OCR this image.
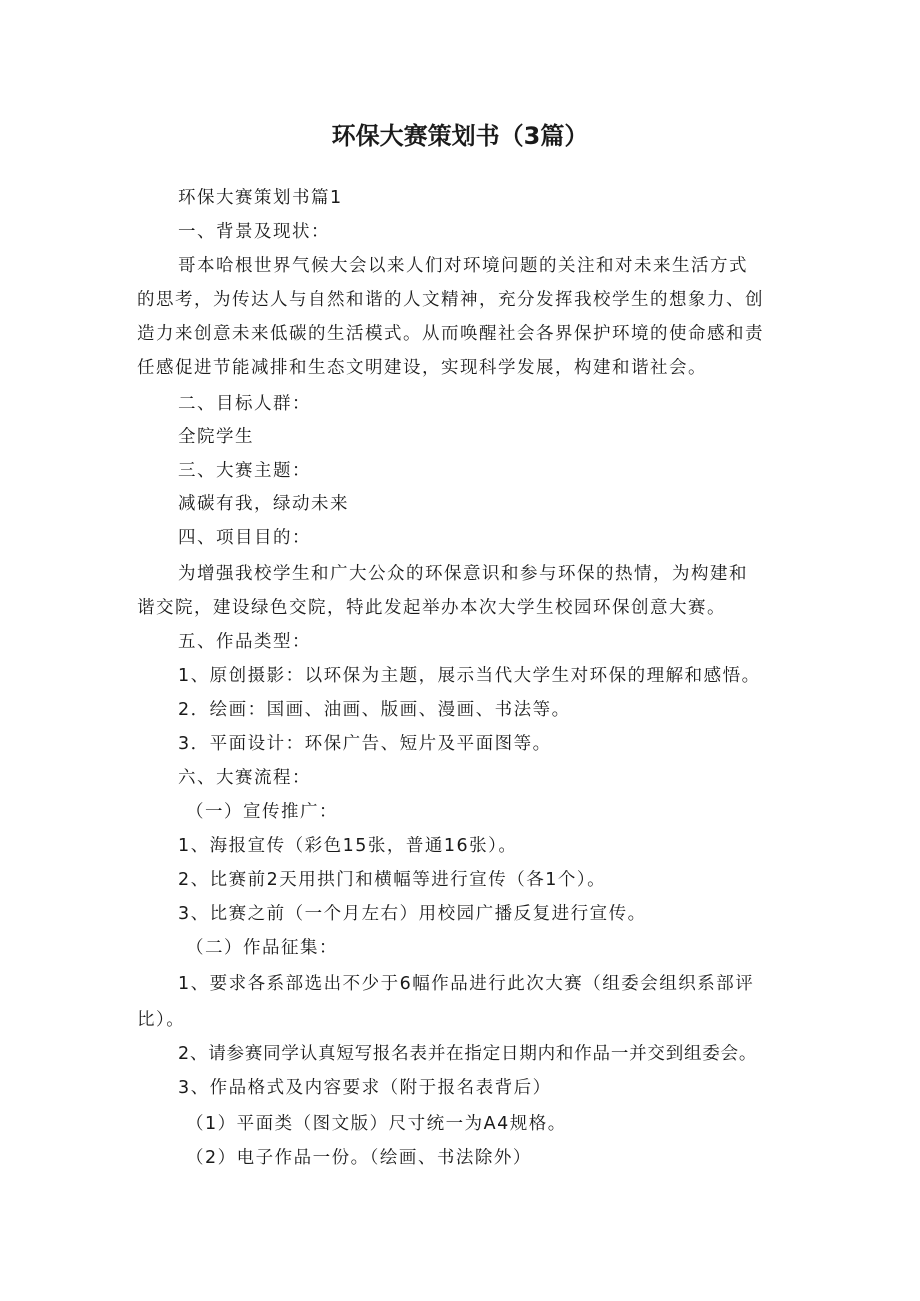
环保大赛策划书（3篇）
环保大赛策划书篇1
一、背景及现状：
哥本哈根世界气候大会以来人们对环境问题的关注和对未来生活方式
的思考，为传达人与自然和谐的人文精神，充分发挥我校学生的想象力、创
造力来创意未来低碳的生活模式。从而唤醒社会各界保护环境的使命感和责
任感促进节能减排和生态文明建设，实现科学发展，构建和谐社会。
二、目标人群：
全院学生
三、大赛主题：
减碳有我，绿动未来
四、项目目的：
为增强我校学生和广大公众的环保意识和参与环保的热情，为构建和
谐交院，建设绿色交院，特此发起举办本次大学生校园环保创意大赛。
五、作品类型：
1、原创摄影：以环保为主题，展示当代大学生对环保的理解和感悟。
2．绘画：国画、油画、版画、漫画、书法等。
3．平面设计：环保广告、短片及平面图等。
六、大赛流程：
（一）宣传推广：
1、海报宣传（彩色15张，普通16张）。
2、比赛前2天用拱门和横幅等进行宣传（各1个）。
3、比赛之前（一个月左右）用校园广播反复进行宣传。
（二）作品征集：
1、要求各系部选出不少于6幅作品进行此次大赛（组委会组织系部评
比）。
2、请参赛同学认真短写报名表并在指定日期内和作品一并交到组委会。
3、作品格式及内容要求（附于报名表背后）
（1）平面类（图文版）尺寸统一为A4规格。
（2）电子作品一份。（绘画、书法除外）
